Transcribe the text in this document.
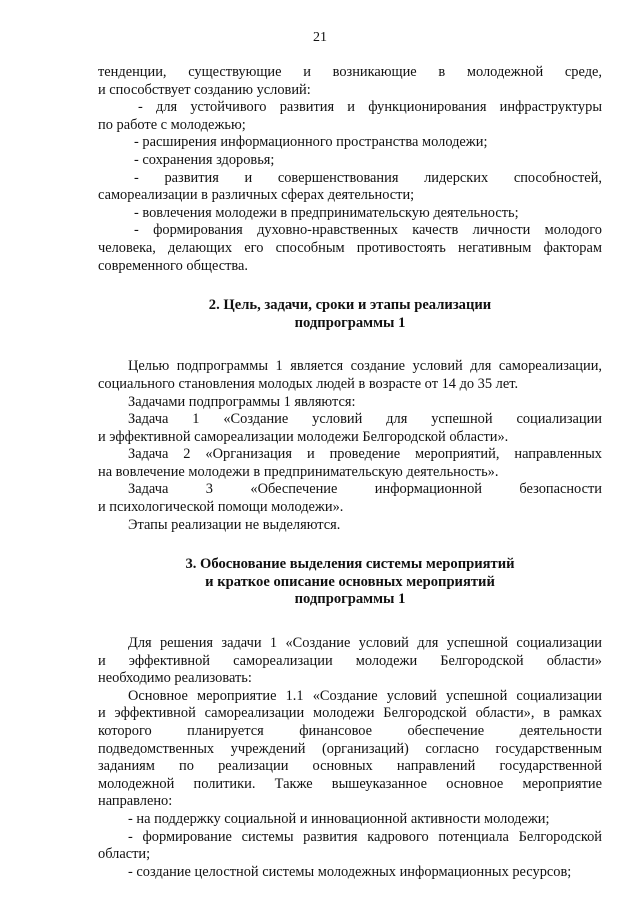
21

тенденции, существующие и возникающие в молодежной среде,

и способствует созданию условий:

- для устойчивого развития и функционирования инфраструктуры

по работе с молодежью;

- расширения информационного пространства молодежи;

- сохранения здоровья;

- развития и совершенствования лидерских способностей,

самореализации в различных сферах деятельности;

- вовлечения молодежи в предпринимательскую деятельность;

- формирования духовно-нравственных качеств личности молодого

человека, делающих его способным противостоять негативным факторам

современного общества.

2. Цель, задачи, сроки и этапы реализации
подпрограммы 1

Целью подпрограммы 1 является создание условий для самореализации,

социального становления молодых людей в возрасте от 14 до 35 лет.

Задачами подпрограммы 1 являются:

Задача 1 «Создание условий для успешной социализации

и эффективной самореализации молодежи Белгородской области».

Задача 2 «Организация и проведение мероприятий, направленных

на вовлечение молодежи в предпринимательскую деятельность».

Задача 3 «Обеспечение информационной безопасности

и психологической помощи молодежи».

Этапы реализации не выделяются.

3. Обоснование выделения системы мероприятий
и краткое описание основных мероприятий
подпрограммы 1

Для решения задачи 1 «Создание условий для успешной социализации

и эффективной самореализации молодежи Белгородской области»

необходимо реализовать:

Основное мероприятие 1.1 «Создание условий успешной социализации

и эффективной самореализации молодежи Белгородской области», в рамках

которого планируется финансовое обеспечение деятельности

подведомственных учреждений (организаций) согласно государственным

заданиям по реализации основных направлений государственной

молодежной политики. Также вышеуказанное основное мероприятие

направлено:

- на поддержку социальной и инновационной активности молодежи;

- формирование системы развития кадрового потенциала Белгородской

области;

- создание целостной системы молодежных информационных ресурсов;
